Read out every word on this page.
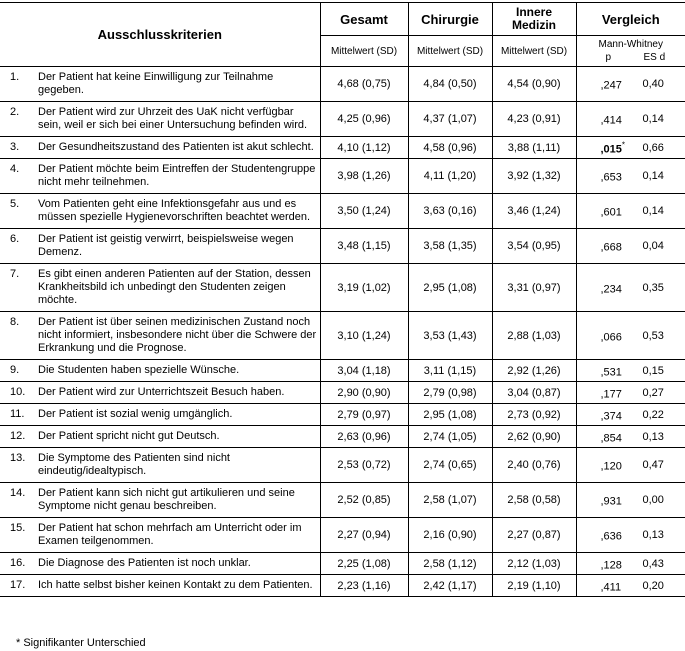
Ausschlusskriterien	Gesamt	Chirurgie	Innere
Medizin	Vergleich
	Mittelwert (SD)	Mittelwert (SD)	Mittelwert (SD)	Mann-Whitney
p ES d

1. Der Patient hat keine Einwilligung zur Teilnahme gegeben.	4,68 (0,75)	4,84 (0,50)	4,54 (0,90)	,247 0,40

2. Der Patient wird zur Uhrzeit des UaK nicht verfügbar sein, weil er sich bei einer Untersuchung befinden wird.	4,25 (0,96)	4,37 (1,07)	4,23 (0,91)	,414 0,14

3. Der Gesundheitszustand des Patienten ist akut schlecht.	4,10 (1,12)	4,58 (0,96)	3,88 (1,11)	,015* 0,66

4. Der Patient möchte beim Eintreffen der Studentengruppe nicht mehr teilnehmen.	3,98 (1,26)	4,11 (1,20)	3,92 (1,32)	,653 0,14

5. Vom Patienten geht eine Infektionsgefahr aus und es müssen spezielle Hygienevorschriften beachtet werden.	3,50 (1,24)	3,63 (0,16)	3,46 (1,24)	,601 0,14

6. Der Patient ist geistig verwirrt, beispielsweise wegen Demenz.	3,48 (1,15)	3,58 (1,35)	3,54 (0,95)	,668 0,04

7. Es gibt einen anderen Patienten auf der Station, dessen Krankheitsbild ich unbedingt den Studenten zeigen möchte.	3,19 (1,02)	2,95 (1,08)	3,31 (0,97)	,234 0,35

8. Der Patient ist über seinen medizinischen Zustand noch nicht informiert, insbesondere nicht über die Schwere der Erkrankung und die Prognose.	3,10 (1,24)	3,53 (1,43)	2,88 (1,03)	,066 0,53

9. Die Studenten haben spezielle Wünsche.	3,04 (1,18)	3,11 (1,15)	2,92 (1,26)	,531 0,15

10. Der Patient wird zur Unterrichtszeit Besuch haben.	2,90 (0,90)	2,79 (0,98)	3,04 (0,87)	,177 0,27

11. Der Patient ist sozial wenig umgänglich.	2,79 (0,97)	2,95 (1,08)	2,73 (0,92)	,374 0,22

12. Der Patient spricht nicht gut Deutsch.	2,63 (0,96)	2,74 (1,05)	2,62 (0,90)	,854 0,13

13. Die Symptome des Patienten sind nicht eindeutig/idealtypisch.	2,53 (0,72)	2,74 (0,65)	2,40 (0,76)	,120 0,47

14. Der Patient kann sich nicht gut artikulieren und seine Symptome nicht genau beschreiben.	2,52 (0,85)	2,58 (1,07)	2,58 (0,58)	,931 0,00

15. Der Patient hat schon mehrfach am Unterricht oder im Examen teilgenommen.	2,27 (0,94)	2,16 (0,90)	2,27 (0,87)	,636 0,13

16. Die Diagnose des Patienten ist noch unklar.	2,25 (1,08)	2,58 (1,12)	2,12 (1,03)	,128 0,43

17. Ich hatte selbst bisher keinen Kontakt zu dem Patienten.	2,23 (1,16)	2,42 (1,17)	2,19 (1,10)	,411 0,20
* Signifikanter Unterschied
